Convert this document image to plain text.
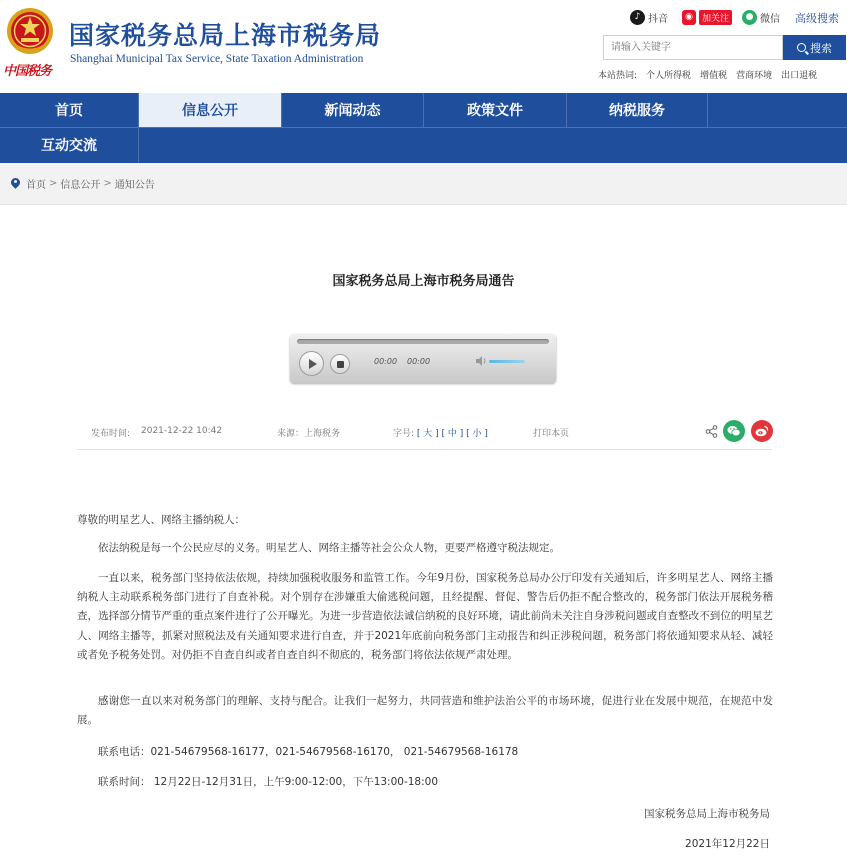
中国税务
国家税务总局上海市税务局
Shanghai Municipal Tax Service, State Taxation Administration
♪ 抖音	◉	加关注	● 微信 高级搜索
请输入关键字
搜索
本站热词: 个人所得税 增值税 营商环境 出口退税
首页	信息公开	新闻动态	政策文件	纳税服务
互动交流
首页 > 信息公开 > 通知公告
国家税务总局上海市税务局通告
00:00 00:00
发布时间: 2021-12-22 10:42	来源：上海税务	字号: [ 大 ] [ 中 ] [ 小 ]	打印本页
尊敬的明星艺人、网络主播纳税人：

依法纳税是每一个公民应尽的义务。明星艺人、网络主播等社会公众人物，更要严格遵守税法规定。

一直以来，税务部门坚持依法依规，持续加强税收服务和监管工作。今年9月份，国家税务总局办公厅印发有关通知后，许多明星艺人、网络主播纳税人主动联系税务部门进行了自查补税。对个别存在涉嫌重大偷逃税问题，且经提醒、督促、警告后仍拒不配合整改的，税务部门依法开展税务稽查，选择部分情节严重的重点案件进行了公开曝光。为进一步营造依法诚信纳税的良好环境，请此前尚未关注自身涉税问题或自查整改不到位的明星艺人、网络主播等，抓紧对照税法及有关通知要求进行自查，并于2021年底前向税务部门主动报告和纠正涉税问题，税务部门将依通知要求从轻、减轻或者免予税务处罚。对仍拒不自查自纠或者自查自纠不彻底的，税务部门将依法依规严肃处理。

感谢您一直以来对税务部门的理解、支持与配合。让我们一起努力，共同营造和维护法治公平的市场环境，促进行业在发展中规范，在规范中发展。

联系电话：021-54679568-16177，021-54679568-16170， 021-54679568-16178

联系时间： 12月22日-12月31日，上午9:00-12:00，下午13:00-18:00

国家税务总局上海市税务局
2021年12月22日
